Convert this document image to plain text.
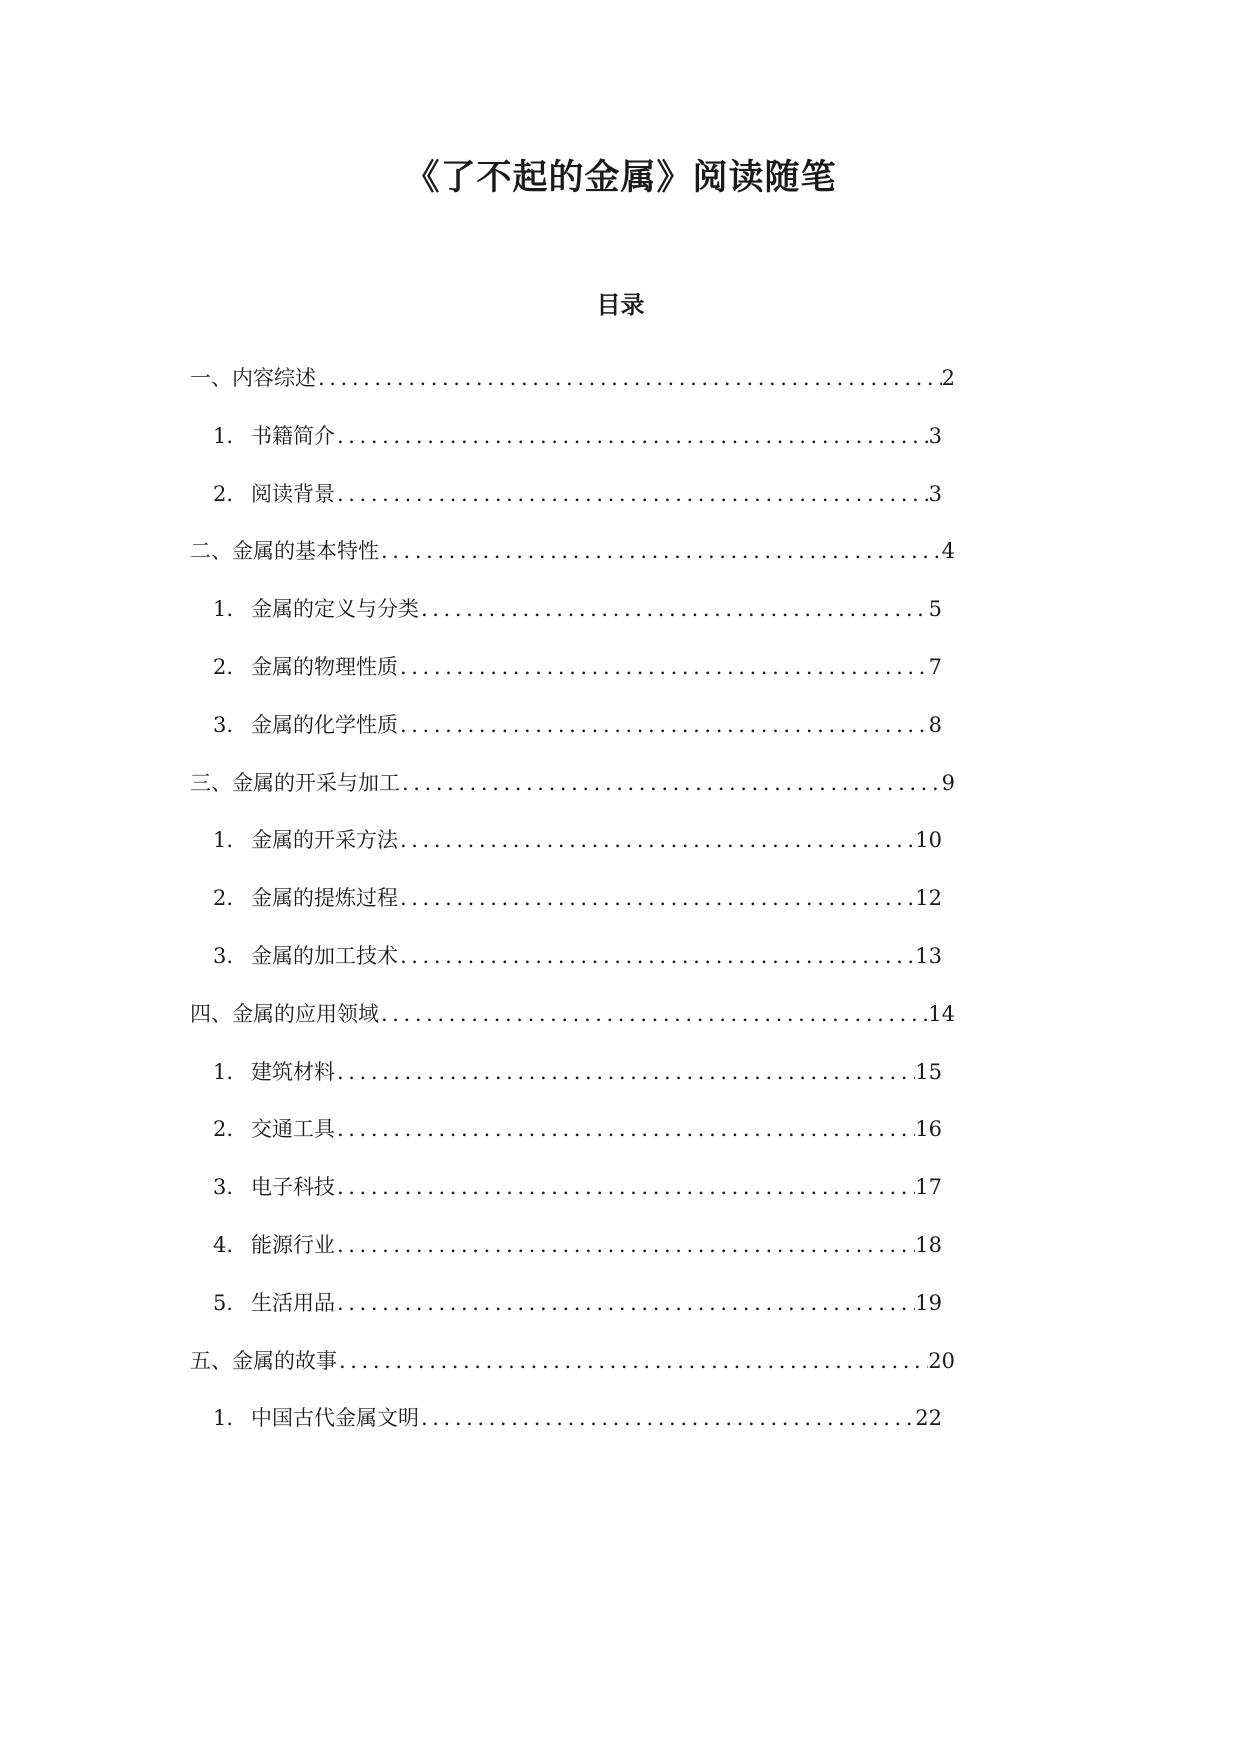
《了不起的金属》阅读随笔
目录
一、内容综述 .....	2
1. 书籍简介 .....	3
2. 阅读背景 .....	3
二、金属的基本特性 .....	4
1. 金属的定义与分类 .....	5
2. 金属的物理性质 .....	7
3. 金属的化学性质 .....	8
三、金属的开采与加工 .....	9
1. 金属的开采方法 .....	10
2. 金属的提炼过程 .....	12
3. 金属的加工技术 .....	13
四、金属的应用领域 .....	14
1. 建筑材料 .....	15
2. 交通工具 .....	16
3. 电子科技 .....	17
4. 能源行业 .....	18
5. 生活用品 .....	19
五、金属的故事 .....	20
1. 中国古代金属文明 .....	22
